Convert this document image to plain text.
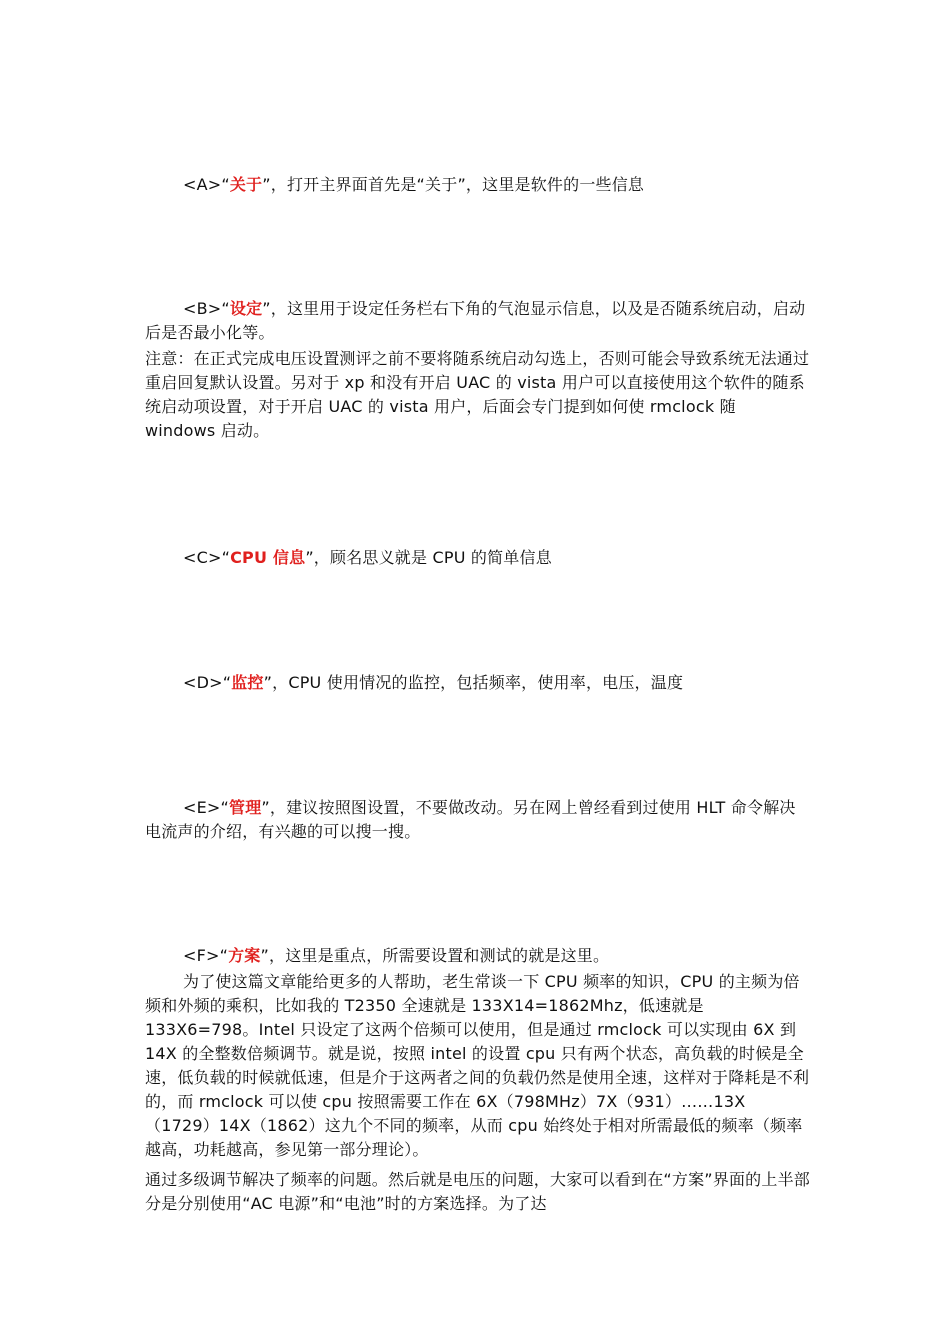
<A>“关于”，打开主界面首先是“关于”，这里是软件的一些信息
<B>“设定”，这里用于设定任务栏右下角的气泡显示信息，以及是否随系统启动，启动后是否最小化等。
注意：在正式完成电压设置测评之前不要将随系统启动勾选上，否则可能会导致系统无法通过重启回复默认设置。另对于 xp 和没有开启 UAC 的 vista 用户可以直接使用这个软件的随系统启动项设置，对于开启 UAC 的 vista 用户，后面会专门提到如何使 rmclock 随 windows 启动。
<C>“CPU 信息”，顾名思义就是 CPU 的简单信息
<D>“监控”，CPU 使用情况的监控，包括频率，使用率，电压，温度
<E>“管理”，建议按照图设置，不要做改动。另在网上曾经看到过使用 HLT 命令解决电流声的介绍，有兴趣的可以搜一搜。
<F>“方案”，这里是重点，所需要设置和测试的就是这里。
为了使这篇文章能给更多的人帮助，老生常谈一下 CPU 频率的知识，CPU 的主频为倍频和外频的乘积，比如我的 T2350 全速就是 133X14=1862Mhz，低速就是 133X6=798。Intel 只设定了这两个倍频可以使用，但是通过 rmclock 可以实现由 6X 到 14X 的全整数倍频调节。就是说，按照 intel 的设置 cpu 只有两个状态，高负载的时候是全速，低负载的时候就低速，但是介于这两者之间的负载仍然是使用全速，这样对于降耗是不利的，而 rmclock 可以使 cpu 按照需要工作在 6X（798MHz）7X（931）……13X（1729）14X（1862）这九个不同的频率，从而 cpu 始终处于相对所需最低的频率（频率越高，功耗越高，参见第一部分理论）。
通过多级调节解决了频率的问题。然后就是电压的问题，大家可以看到在“方案”界面的上半部分是分别使用“AC 电源”和“电池”时的方案选择。为了达
